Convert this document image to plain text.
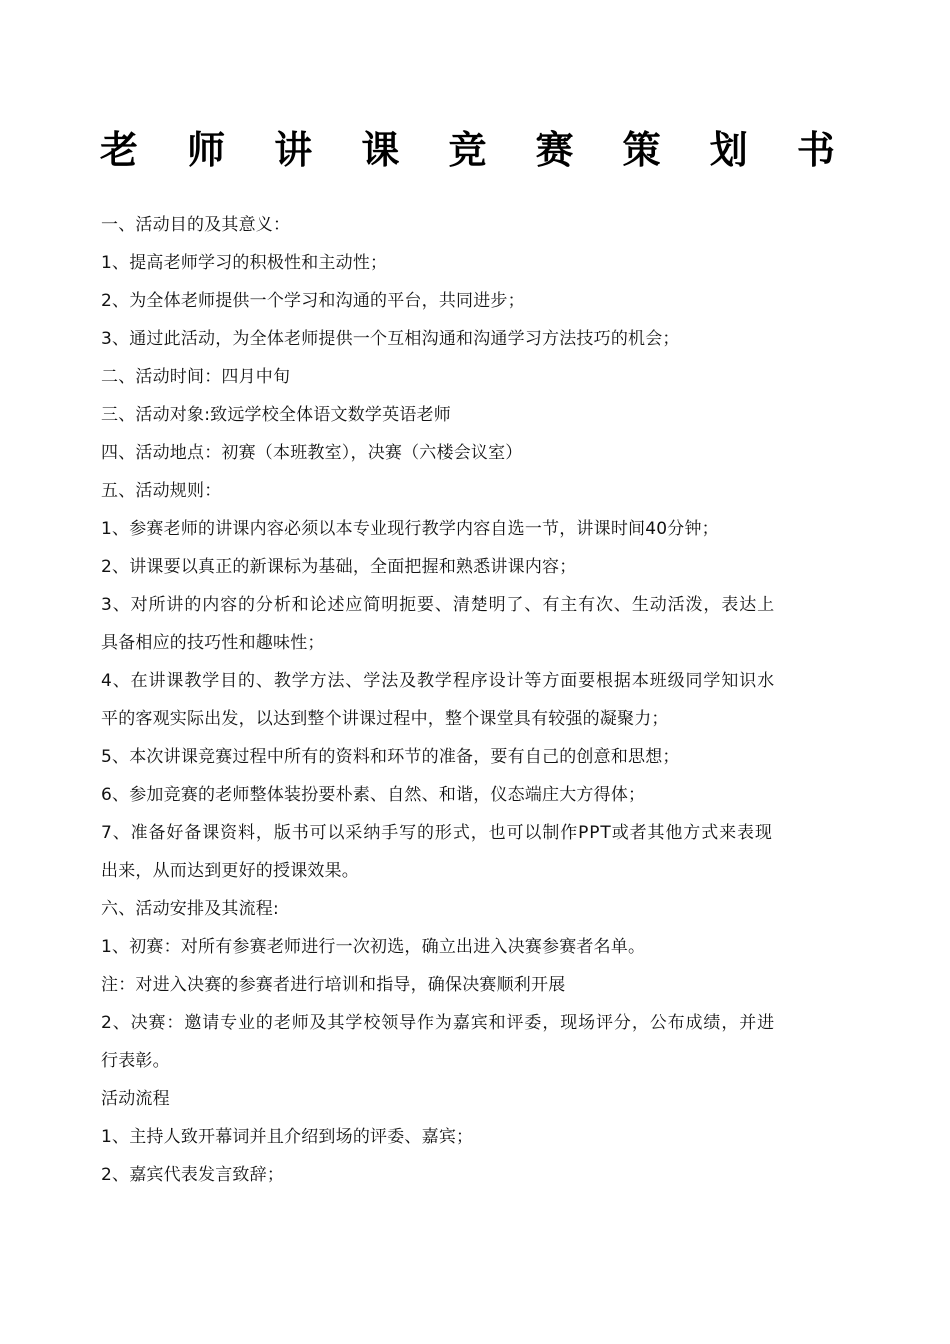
老 师 讲 课 竞 赛 策 划 书
一、活动目的及其意义：
1、提高老师学习的积极性和主动性；
2、为全体老师提供一个学习和沟通的平台，共同进步；
3、通过此活动，为全体老师提供一个互相沟通和沟通学习方法技巧的机会；
二、活动时间：四月中旬
三、活动对象:致远学校全体语文数学英语老师
四、活动地点：初赛（本班教室），决赛（六楼会议室）
五、活动规则：
1、参赛老师的讲课内容必须以本专业现行教学内容自选一节，讲课时间40分钟；
2、讲课要以真正的新课标为基础，全面把握和熟悉讲课内容；
3、对所讲的内容的分析和论述应简明扼要、清楚明了、有主有次、生动活泼，表达上
具备相应的技巧性和趣味性；
4、在讲课教学目的、教学方法、学法及教学程序设计等方面要根据本班级同学知识水
平的客观实际出发，以达到整个讲课过程中，整个课堂具有较强的凝聚力；
5、本次讲课竞赛过程中所有的资料和环节的准备，要有自己的创意和思想；
6、参加竞赛的老师整体装扮要朴素、自然、和谐，仪态端庄大方得体；
7、准备好备课资料，版书可以采纳手写的形式，也可以制作PPT或者其他方式来表现
出来，从而达到更好的授课效果。
六、活动安排及其流程:
1、初赛：对所有参赛老师进行一次初选，确立出进入决赛参赛者名单。
注：对进入决赛的参赛者进行培训和指导，确保决赛顺利开展
2、决赛：邀请专业的老师及其学校领导作为嘉宾和评委，现场评分，公布成绩，并进
行表彰。
活动流程
1、主持人致开幕词并且介绍到场的评委、嘉宾；
2、嘉宾代表发言致辞；
